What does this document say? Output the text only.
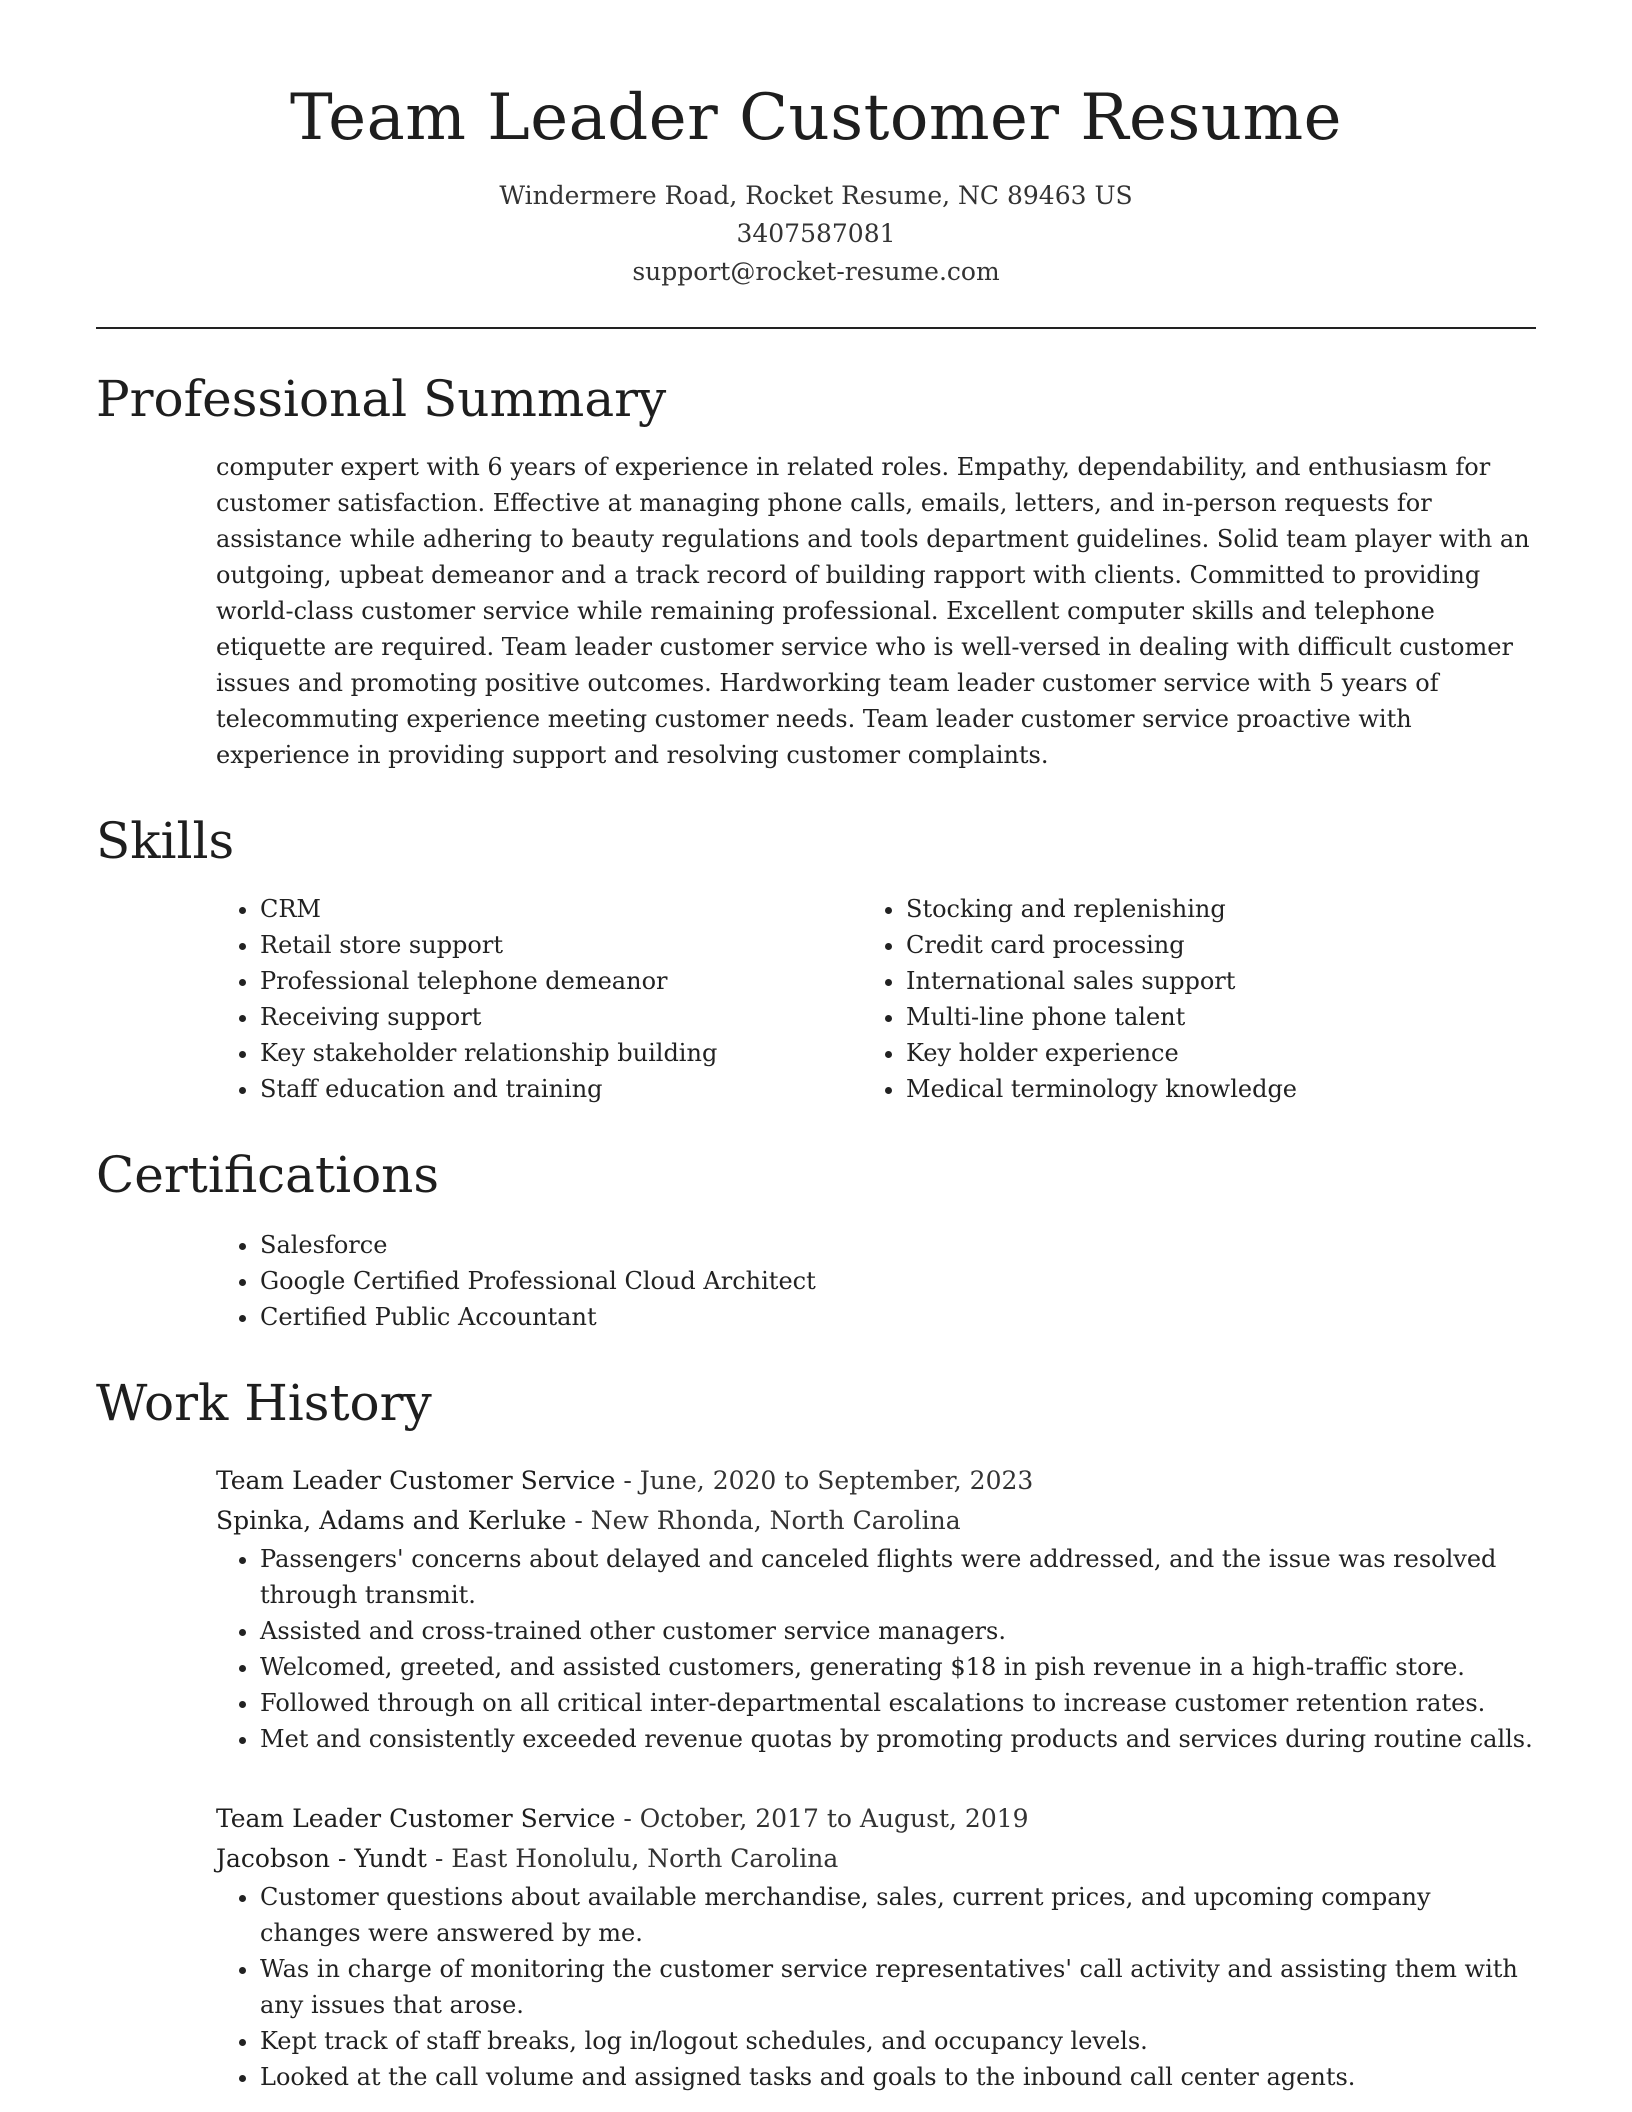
Team Leader Customer Resume
Windermere Road, Rocket Resume, NC 89463 US
3407587081
support@rocket-resume.com
Professional Summary
computer expert with 6 years of experience in related roles. Empathy, dependability, and enthusiasm for customer satisfaction. Effective at managing phone calls, emails, letters, and in-person requests for assistance while adhering to beauty regulations and tools department guidelines. Solid team player with an outgoing, upbeat demeanor and a track record of building rapport with clients. Committed to providing world-class customer service while remaining professional. Excellent computer skills and telephone etiquette are required. Team leader customer service who is well-versed in dealing with difficult customer issues and promoting positive outcomes. Hardworking team leader customer service with 5 years of telecommuting experience meeting customer needs. Team leader customer service proactive with experience in providing support and resolving customer complaints.
Skills
• CRM
• Retail store support
• Professional telephone demeanor
• Receiving support
• Key stakeholder relationship building
• Staff education and training
• Stocking and replenishing
• Credit card processing
• International sales support
• Multi-line phone talent
• Key holder experience
• Medical terminology knowledge
Certifications
• Salesforce
• Google Certified Professional Cloud Architect
• Certified Public Accountant
Work History
Team Leader Customer Service - June, 2020 to September, 2023
Spinka, Adams and Kerluke - New Rhonda, North Carolina
• Passengers' concerns about delayed and canceled flights were addressed, and the issue was resolved through transmit.
• Assisted and cross-trained other customer service managers.
• Welcomed, greeted, and assisted customers, generating $18 in pish revenue in a high-traffic store.
• Followed through on all critical inter-departmental escalations to increase customer retention rates.
• Met and consistently exceeded revenue quotas by promoting products and services during routine calls.
Team Leader Customer Service - October, 2017 to August, 2019
Jacobson - Yundt - East Honolulu, North Carolina
• Customer questions about available merchandise, sales, current prices, and upcoming company changes were answered by me.
• Was in charge of monitoring the customer service representatives' call activity and assisting them with any issues that arose.
• Kept track of staff breaks, log in/logout schedules, and occupancy levels.
• Looked at the call volume and assigned tasks and goals to the inbound call center agents.
